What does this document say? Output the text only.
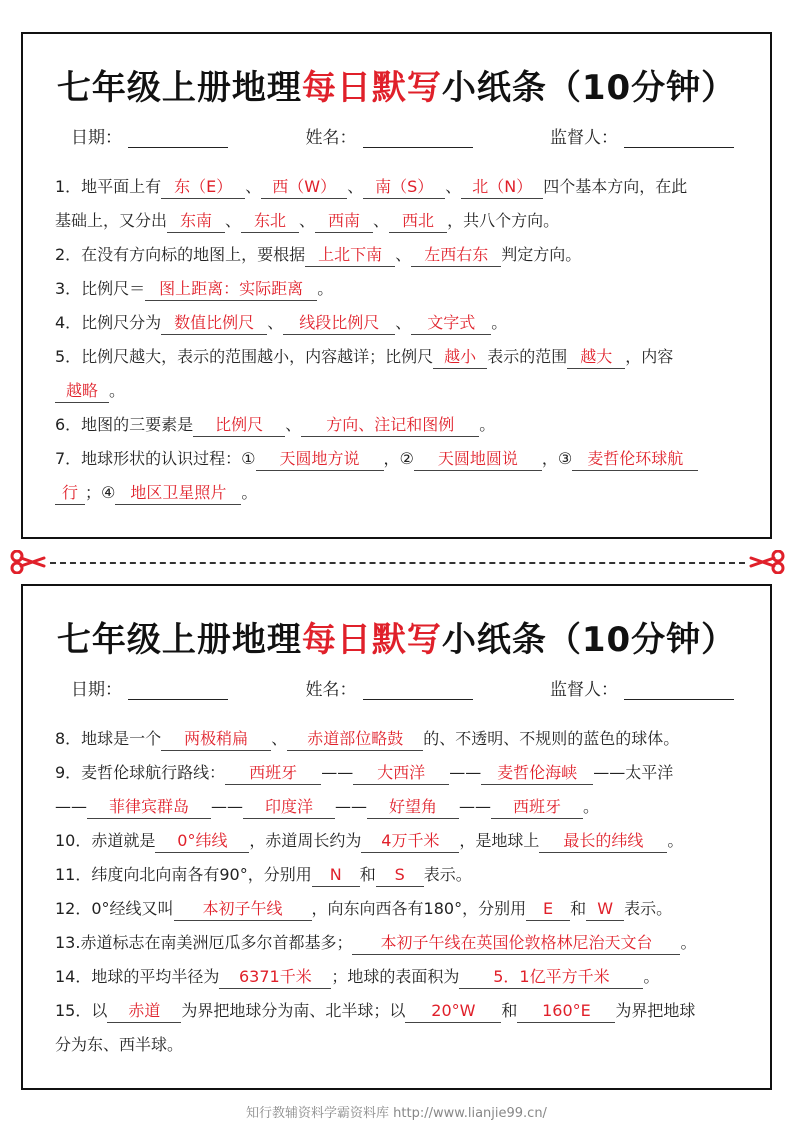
七年级上册地理每日默写小纸条（10分钟）
日期：	姓名：	监督人：
1．地平面上有 东（E） 、 西（W） 、 南（S） 、 北（N） 四个基本方向，在此
基础上，又分出 东南 、 东北 、 西南 、 西北 ，共八个方向。
2．在没有方向标的地图上，要根据 上北下南 、 左西右东 判定方向。
3．比例尺＝ 图上距离：实际距离 。
4．比例尺分为 数值比例尺 、 线段比例尺 、 文字式 。
5．比例尺越大，表示的范围越小，内容越详；比例尺 越小 表示的范围 越大 ，内容
越略 。
6．地图的三要素是 比例尺 、 方向、注记和图例 。
7．地球形状的认识过程：① 天圆地方说 ，② 天圆地圆说 ，③ 麦哲伦环球航
行 ；④ 地区卫星照片 。
七年级上册地理每日默写小纸条（10分钟）
日期：	姓名：	监督人：
8．地球是一个 两极稍扁 、 赤道部位略鼓 的、不透明、不规则的蓝色的球体。
9．麦哲伦球航行路线： 西班牙 —— 大西洋 —— 麦哲伦海峡 ——太平洋
—— 菲律宾群岛 —— 印度洋 —— 好望角 —— 西班牙 。
10．赤道就是 0°纬线 ，赤道周长约为 4万千米 ，是地球上 最长的纬线 。
11．纬度向北向南各有90°，分别用 N 和 S 表示。
12．0°经线又叫 本初子午线 ，向东向西各有180°，分别用 E 和 W 表示。
13.赤道标志在南美洲厄瓜多尔首都基多； 本初子午线在英国伦敦格林尼治天文台 。
14．地球的平均半径为 6371千米 ；地球的表面积为 5．1亿平方千米 。
15．以 赤道 为界把地球分为南、北半球；以 20°W 和 160°E 为界把地球
分为东、西半球。
知行教辅资料学霸资料库 http://www.lianjie99.cn/
